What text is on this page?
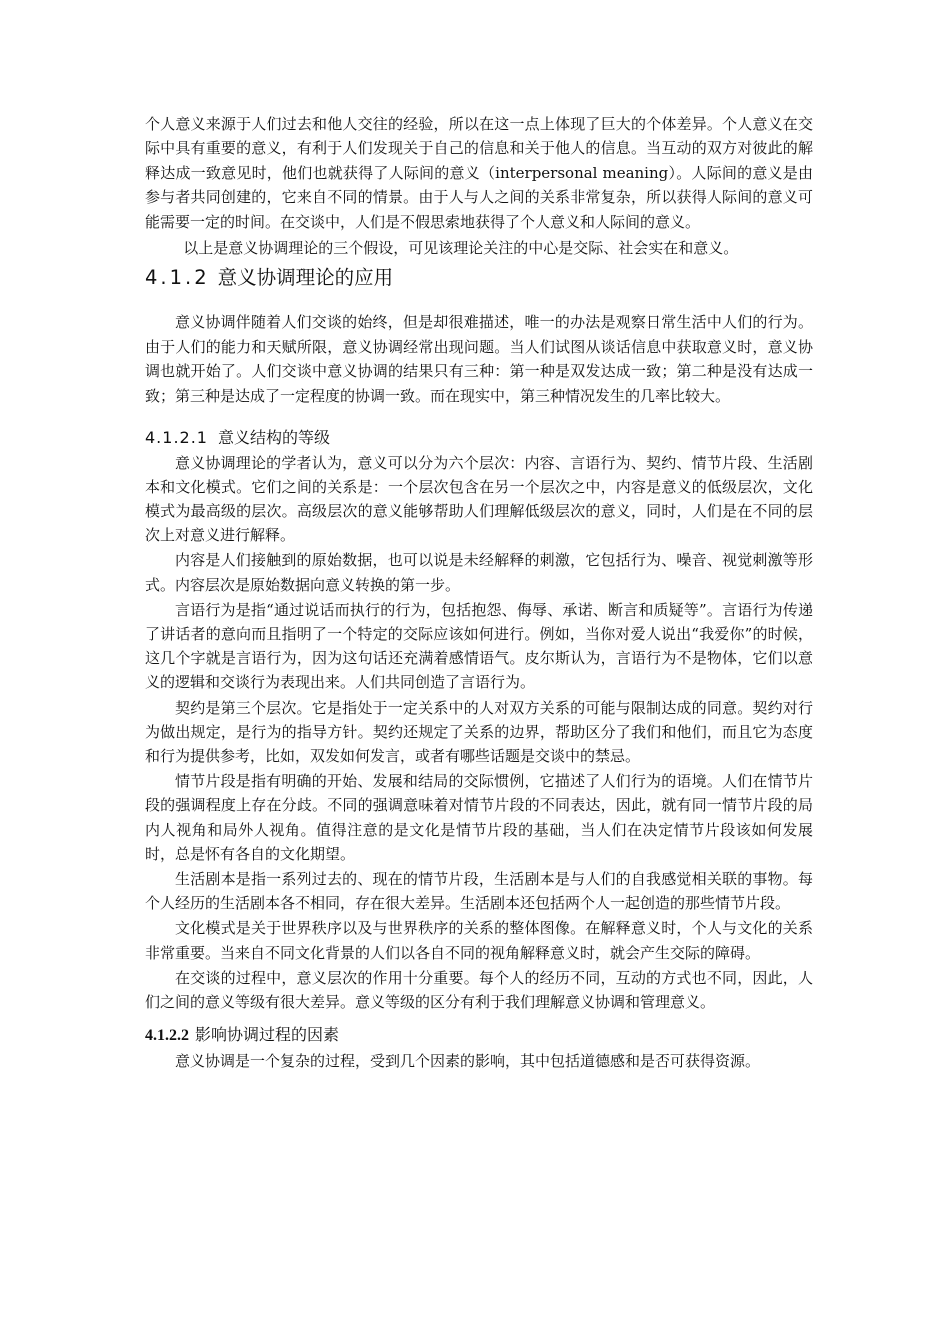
个人意义来源于人们过去和他人交往的经验，所以在这一点上体现了巨大的个体差异。个人意义在交际中具有重要的意义，有利于人们发现关于自己的信息和关于他人的信息。当互动的双方对彼此的解释达成一致意见时，他们也就获得了人际间的意义（interpersonal meaning）。人际间的意义是由参与者共同创建的，它来自不同的情景。由于人与人之间的关系非常复杂，所以获得人际间的意义可能需要一定的时间。在交谈中，人们是不假思索地获得了个人意义和人际间的意义。

以上是意义协调理论的三个假设，可见该理论关注的中心是交际、社会实在和意义。

4.1.2 意义协调理论的应用

意义协调伴随着人们交谈的始终，但是却很难描述，唯一的办法是观察日常生活中人们的行为。由于人们的能力和天赋所限，意义协调经常出现问题。当人们试图从谈话信息中获取意义时，意义协调也就开始了。人们交谈中意义协调的结果只有三种：第一种是双发达成一致；第二种是没有达成一致；第三种是达成了一定程度的协调一致。而在现实中，第三种情况发生的几率比较大。

4.1.2.1 意义结构的等级

意义协调理论的学者认为，意义可以分为六个层次：内容、言语行为、契约、情节片段、生活剧本和文化模式。它们之间的关系是：一个层次包含在另一个层次之中，内容是意义的低级层次，文化模式为最高级的层次。高级层次的意义能够帮助人们理解低级层次的意义，同时，人们是在不同的层次上对意义进行解释。

内容是人们接触到的原始数据，也可以说是未经解释的刺激，它包括行为、噪音、视觉刺激等形式。内容层次是原始数据向意义转换的第一步。

言语行为是指“通过说话而执行的行为，包括抱怨、侮辱、承诺、断言和质疑等”。言语行为传递了讲话者的意向而且指明了一个特定的交际应该如何进行。例如，当你对爱人说出“我爱你”的时候，这几个字就是言语行为，因为这句话还充满着感情语气。皮尔斯认为，言语行为不是物体，它们以意义的逻辑和交谈行为表现出来。人们共同创造了言语行为。

契约是第三个层次。它是指处于一定关系中的人对双方关系的可能与限制达成的同意。契约对行为做出规定，是行为的指导方针。契约还规定了关系的边界，帮助区分了我们和他们，而且它为态度和行为提供参考，比如，双发如何发言，或者有哪些话题是交谈中的禁忌。

情节片段是指有明确的开始、发展和结局的交际惯例，它描述了人们行为的语境。人们在情节片段的强调程度上存在分歧。不同的强调意味着对情节片段的不同表达，因此，就有同一情节片段的局内人视角和局外人视角。值得注意的是文化是情节片段的基础，当人们在决定情节片段该如何发展时，总是怀有各自的文化期望。

生活剧本是指一系列过去的、现在的情节片段，生活剧本是与人们的自我感觉相关联的事物。每个人经历的生活剧本各不相同，存在很大差异。生活剧本还包括两个人一起创造的那些情节片段。

文化模式是关于世界秩序以及与世界秩序的关系的整体图像。在解释意义时，个人与文化的关系非常重要。当来自不同文化背景的人们以各自不同的视角解释意义时，就会产生交际的障碍。

在交谈的过程中，意义层次的作用十分重要。每个人的经历不同，互动的方式也不同，因此，人们之间的意义等级有很大差异。意义等级的区分有利于我们理解意义协调和管理意义。

4.1.2.2 影响协调过程的因素

意义协调是一个复杂的过程，受到几个因素的影响，其中包括道德感和是否可获得资源。
